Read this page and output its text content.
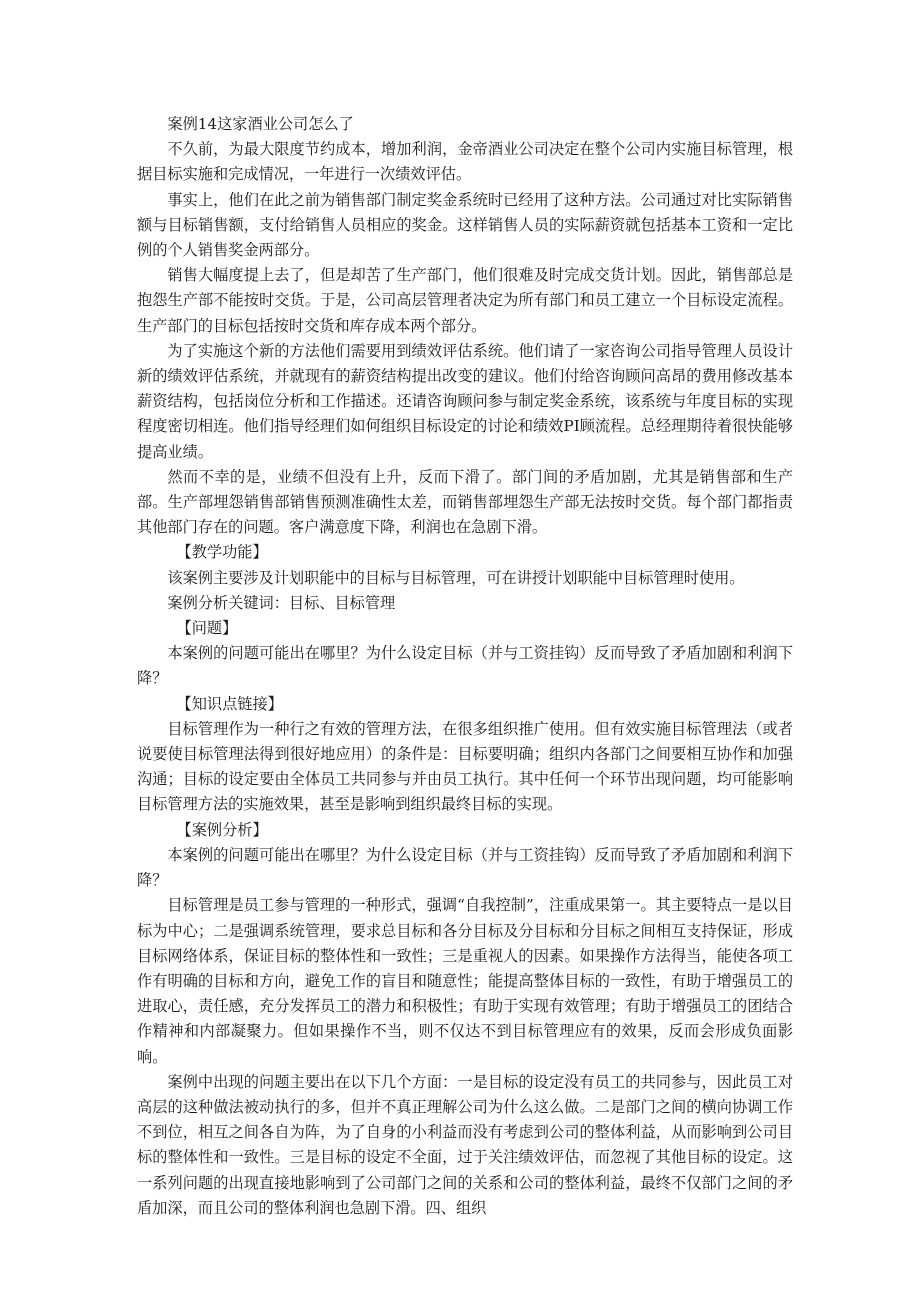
案例14这家酒业公司怎么了

不久前，为最大限度节约成本，增加利润，金帝酒业公司决定在整个公司内实施目标管理，根据目标实施和完成情况，一年进行一次绩效评估。

事实上，他们在此之前为销售部门制定奖金系统时已经用了这种方法。公司通过对比实际销售额与目标销售额，支付给销售人员相应的奖金。这样销售人员的实际薪资就包括基本工资和一定比例的个人销售奖金两部分。

销售大幅度提上去了，但是却苦了生产部门，他们很难及时完成交货计划。因此，销售部总是抱怨生产部不能按时交货。于是，公司高层管理者决定为所有部门和员工建立一个目标设定流程。生产部门的目标包括按时交货和库存成本两个部分。

为了实施这个新的方法他们需要用到绩效评估系统。他们请了一家咨询公司指导管理人员设计新的绩效评估系统，并就现有的薪资结构提出改变的建议。他们付给咨询顾问高昂的费用修改基本薪资结构，包括岗位分析和工作描述。还请咨询顾问参与制定奖金系统，该系统与年度目标的实现程度密切相连。他们指导经理们如何组织目标设定的讨论和绩效PI顾流程。总经理期待着很快能够提高业绩。

然而不幸的是，业绩不但没有上升，反而下滑了。部门间的矛盾加剧，尤其是销售部和生产部。生产部埋怨销售部销售预测准确性太差，而销售部埋怨生产部无法按时交货。每个部门都指责其他部门存在的问题。客户满意度下降，利润也在急剧下滑。

【教学功能】

该案例主要涉及计划职能中的目标与目标管理，可在讲授计划职能中目标管理时使用。

案例分析关键词：目标、目标管理

【问题】

本案例的问题可能出在哪里？为什么设定目标（并与工资挂钩）反而导致了矛盾加剧和利润下降？

【知识点链接】

目标管理作为一种行之有效的管理方法，在很多组织推广使用。但有效实施目标管理法（或者说要使目标管理法得到很好地应用）的条件是：目标要明确；组织内各部门之间要相互协作和加强沟通；目标的设定要由全体员工共同参与并由员工执行。其中任何一个环节出现问题，均可能影响目标管理方法的实施效果，甚至是影响到组织最终目标的实现。

【案例分析】

本案例的问题可能出在哪里？为什么设定目标（并与工资挂钩）反而导致了矛盾加剧和利润下降？

目标管理是员工参与管理的一种形式，强调“自我控制”，注重成果第一。其主要特点一是以目标为中心；二是强调系统管理，要求总目标和各分目标及分目标和分目标之间相互支持保证，形成目标网络体系，保证目标的整体性和一致性；三是重视人的因素。如果操作方法得当，能使各项工作有明确的目标和方向，避免工作的盲目和随意性；能提高整体目标的一致性，有助于增强员工的进取心，责任感，充分发挥员工的潜力和积极性；有助于实现有效管理；有助于增强员工的团结合作精神和内部凝聚力。但如果操作不当，则不仅达不到目标管理应有的效果，反而会形成负面影响。

案例中出现的问题主要出在以下几个方面：一是目标的设定没有员工的共同参与，因此员工对高层的这种做法被动执行的多，但并不真正理解公司为什么这么做。二是部门之间的横向协调工作不到位，相互之间各自为阵，为了自身的小利益而没有考虑到公司的整体利益，从而影响到公司目标的整体性和一致性。三是目标的设定不全面，过于关注绩效评估，而忽视了其他目标的设定。这一系列问题的出现直接地影响到了公司部门之间的关系和公司的整体利益，最终不仅部门之间的矛盾加深，而且公司的整体利润也急剧下滑。四、组织
